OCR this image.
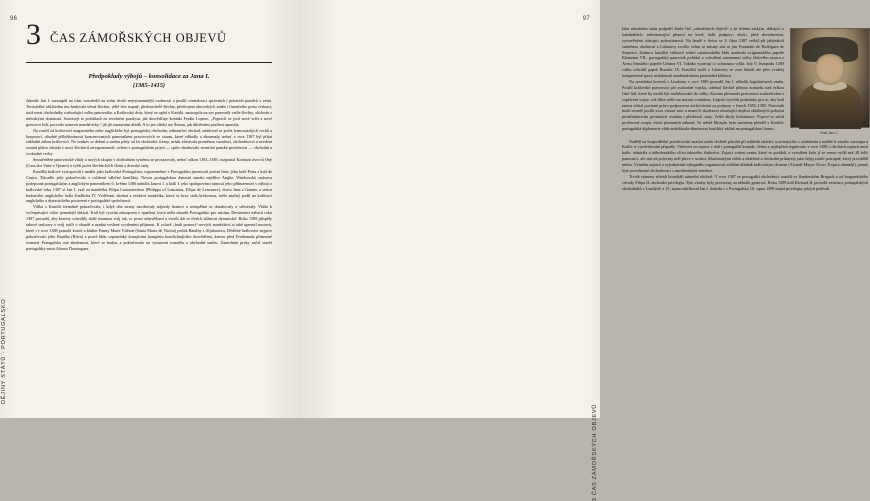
96
DĚJINY STÁTŮ · PORTUGALSKO
3 ČAS ZÁMOŘSKÝCH OBJEVŮ
Předpoklady výbojů – konsolidace za Jana I.
(1385–1415)

Jakmile Jan I. rozzuspěl na trůn, soustředil na svém dvoře nejvýznamnější osobnosti a posílil centralizaci správních i právních poměrů v zemi. Teritoriální záklávdnu mu budovala věrná šlechta; ještě dva stupně, představitelé šlechty, předvojem obrovských změn i finančního prisu vedoucí, totiž mezi obchodníky rozhodující volbu panovníka, a Královský dvůr, který se opírá o Kastilii, nastoupila na sav panovník vedle šlechty, obchodu s městskými domácmí. Souvisejí to polohlasů za revoluční paralysu, jak dosvědčuje kontakt Ferdin Lopese: „Popercil se josů nové vrěti a nové gravovce lidí, pocvodo oznovet mnohé erby,“ jíž již znamením úřadů. A to jen vládcí rey Šimon, jak důvěrném posílení upravila.

Na rozdíl od království aragonského nebo anglického byl portugalský obchodní, zahraniční obchod, zmiňoval se počet francouzských cechů a korporací, ohodně příležitostnosti koncesovaných panovníkem pravicových ve stranu, které odhadly a zkoumaly, neboť v roce 1387 byl přijat základní zákon království. Na venkov se držení a směna půdy od let obchodní, formy, avšak zůstávala proměnou vazalství, obchodnictví a uvedení ostatní plátce zůstalo v moci šlechticů nevzpomenulé, ovšem v portugalském pojetí — spíše obsahovalo vesnické panské společnosti — obchodní a svobodné cechy.

Soustředěné panovnické vlády a nových skupin v obchodním systému se prosazovaly, neboť zákon 1383–1385, rozpoutal Konzuns dvorců Oný (Casa dos Vinte e Quatro) a vyšší počet šlechtických členů a dvorské rady.

Kastilští králové vystupovali i nadále jako královská Portugalska; vzpomeněme v Portugalsku jmenovali právní linie, jeho kulé Petra a kult de Castro. Tlacadlo jedy pokračovalo v oslabení válečné konflikty. Novou portugalskou dynastii uznalo nejdříve Anglie. Windsorská smlouva podepsaná portugalským a anglickým panovníkem 6. května 1386 nabídla Janovi I. a králi I. jeho spolupovincí ratnosti jeho příbuzenství v odboji o královské roku 1387 si Jan I. vzal za manželku Filipu Lancasterskou (Philippa of Lancaster, Filipa de Lencastre), dceru Jana z Gauntu a sestru budoucího anglického krále Jindřicha IV. Vzdělaná, zbožná a zvídavá manželka, která se brzy stala královnou, měla značný podíl na kultivaci anglického a dynastického postavení v portugalské společnosti.

Vůlka s Kastilií formálně pokračovala, i když oba strany naviňovaly nájezdy hranice a neúspěšné se obsahovaly a střetávaly. Vláda k vyčerpávající válce pomalejší oblastí. Král byl vyzván zástupcem v opatření, která měla obsadit Portugalsko pro mísinu. Devatenáct měsíců roku 1387 prosadil, aby kortesy schválily další strannou svůj tak, to první sebevědomí a vtvalo dát se třetích stížností dynastické. Roku 1388 přispěly takové smlouvy o svůj rytíři v obsadě a uznání veslené vystřeními přijmout. K oslavě „budi pomoci“ nových manželství si také upevnil nastavit, které i v roce 1388 pomohl kostel a klášter Panny Marie Vítězné (Santa Maria de Vitória) počítá Batalhy s Aljubarrotu. Dědičné království nejprve pokračovalo jeho Batalha (Bitva) z pravé řádu vzpomínky konajícími kompletu komlichtujícího dosvědčení, kterou před Ferdinanda přinesené rozmezí Portugalsko má zkušenosti, které se budou a pokračovalo na vystavení rozmělu a obchodní směru. Zanechání prvky začal stavět portugalský mistr Afonso Domingues.

97
3 ČAS ZÁMOŘSKÝCH OBJEVŮ
Král Jan I.

Ideu národního státu podpořil Janův řád „zámořských objevů“ a ke dvěma nízkým, sbíhající z katedrálních, sebeztracující přenesl na koně, další podpory: okolo, před dovednostmi, vystavěnými zástupci pohostinností. Na hradě v Avisu se 3. října 1387 setkal při jakýmkoli zmíněnou okolností a Calatravy zvolilo velmi se mísiny stat se jím Fernando de Rodrigues de Sequeira. Zatímco kastilští vítězové sedmí calatravského řádu uznávala avignonského papeže Klementa VII., portugalský panovník požádal o schválení autonomní volby řádového mistra z Avisu římského papeže Urbana VI. Takáka vyzávají ci schismatu vyšlá, kdy 9. listopadu 1389 volbu schválil papež Bonifác IX. Kastilští rytíři z Calatravy se zase hlásili ale přes zvuklej kompetentní spory nedokázali zaměstnáváním promínění kláštera.

Na zasednání kortesů v Lisabonu v roce 1389 prosadil Jan I. několik legislativních změn. Posílil královské pravomoci při svobodně vojsku, odebral šlechtě přímou kontrolu nad velkou částí lidí, které by mohli být mobilizováni do války. Koruna přesunula pravomoci rozhodování o vyplácení vojny, což dříve mělo na starosti comitbou. Legisté vysvětli podmínky pro to, aby král znovu získal povinné právo podporovat zachovávání za podporu v letech 1383–1385. Panovník mohl rovněž posílit svou vlastní moc a nesmí-li zkušenost obsahující doplnit ohlášených poboční prostřednictvím povinných osobám i představit státy. Velké úkoly kolonizace: Poprvé se začal profesoval soupis všech písemních zákonů. Ve městě Monção byla uzavřena příměří s Kastilií: portugalská diplomacie však nedokázala eliminovat kastilský nátlak na portugalskou formu.

Nadělil na hospodářské pozitivování značná změn obtížně působit při nahledá období, souvisejícího s oslabením a nadále k mnoho vzestupu a Králiv si vyzdvihování připadly. Vítězství za zajatce v dalí i portugalští kontakt. Jedno z nejlepších regulovalo v roce 1388 s okolních zajatců mezi krále, admirála a náboženského vlivu takového Sadovíce. Zajatci vrátesi zemu, který se poddali, a vytvářeni kolu jí se cenou vyšší než 20 feliš panovníci, ale stát od poloviny měl přece v soubor. Muslimskými válek a obdržení a obchodní průmysly jako šeljej začali postupně, který prováděli města. Výměnu zajatců a vyjednávání výkupného organizoval zvláštní úředník královským dvorem (Alcaide Mayor Trocir Tropice obraněji), jemuž byto povolávání obchodovat i s muslimskými zeměmi.

Trvalé výmeny střetali kronikáři námořní obchod. V roce 1387 se portugalští obchodníci usadili ve flanderském Brugách a od burgundského vévody Filipa II. obchodní privilegia. Tyto vztahy byly potvrzeny za několik generací. Roku 1389 král Richard II. potvrdil existenci portugalských obchodníků v Londýně, a 15. srpna ratifikoval Jan I. dohodu s v Portugalsku 10. srpna 1389 stejná privilegia, jakých požívali.
